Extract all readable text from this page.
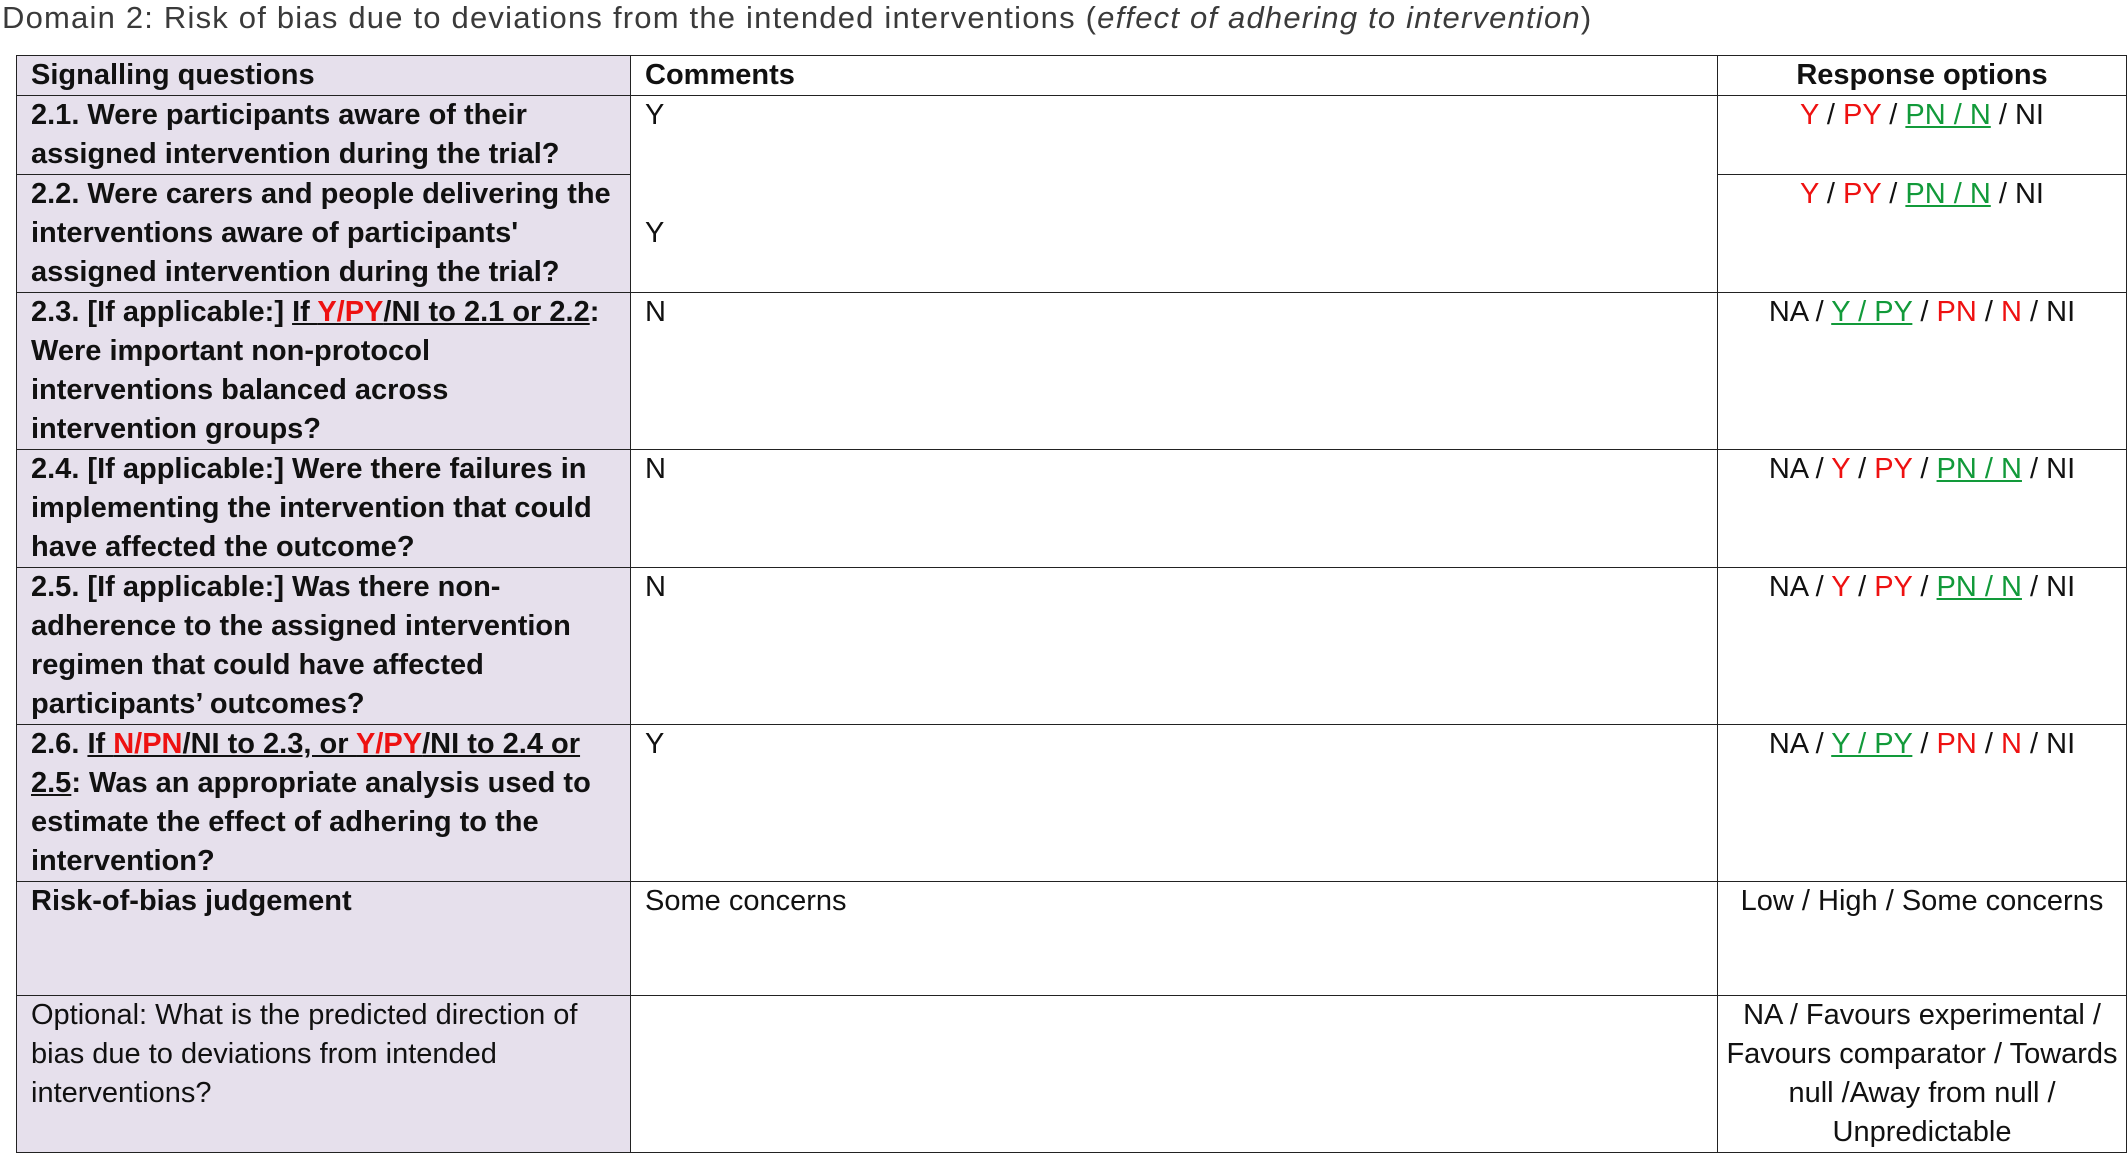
Domain 2: Risk of bias due to deviations from the intended interventions (effect of adhering to intervention)
Signalling questions	Comments	Response options
2.1. Were participants aware of their assigned intervention during the trial?	Y	Y / PY / PN / N / NI
2.2. Were carers and people delivering the interventions aware of participants' assigned intervention during the trial?	Y	Y / PY / PN / N / NI
2.3. [If applicable:] If Y/PY/NI to 2.1 or 2.2: Were important non-protocol interventions balanced across intervention groups?	N	NA / Y / PY / PN / N / NI
2.4. [If applicable:] Were there failures in implementing the intervention that could have affected the outcome?	N	NA / Y / PY / PN / N / NI
2.5. [If applicable:] Was there non-adherence to the assigned intervention regimen that could have affected participants’ outcomes?	N	NA / Y / PY / PN / N / NI
2.6. If N/PN/NI to 2.3, or Y/PY/NI to 2.4 or 2.5: Was an appropriate analysis used to estimate the effect of adhering to the intervention?	Y	NA / Y / PY / PN / N / NI
Risk-of-bias judgement	Some concerns	Low / High / Some concerns
Optional: What is the predicted direction of bias due to deviations from intended interventions?		NA / Favours experimental / Favours comparator / Towards null /Away from null / Unpredictable
